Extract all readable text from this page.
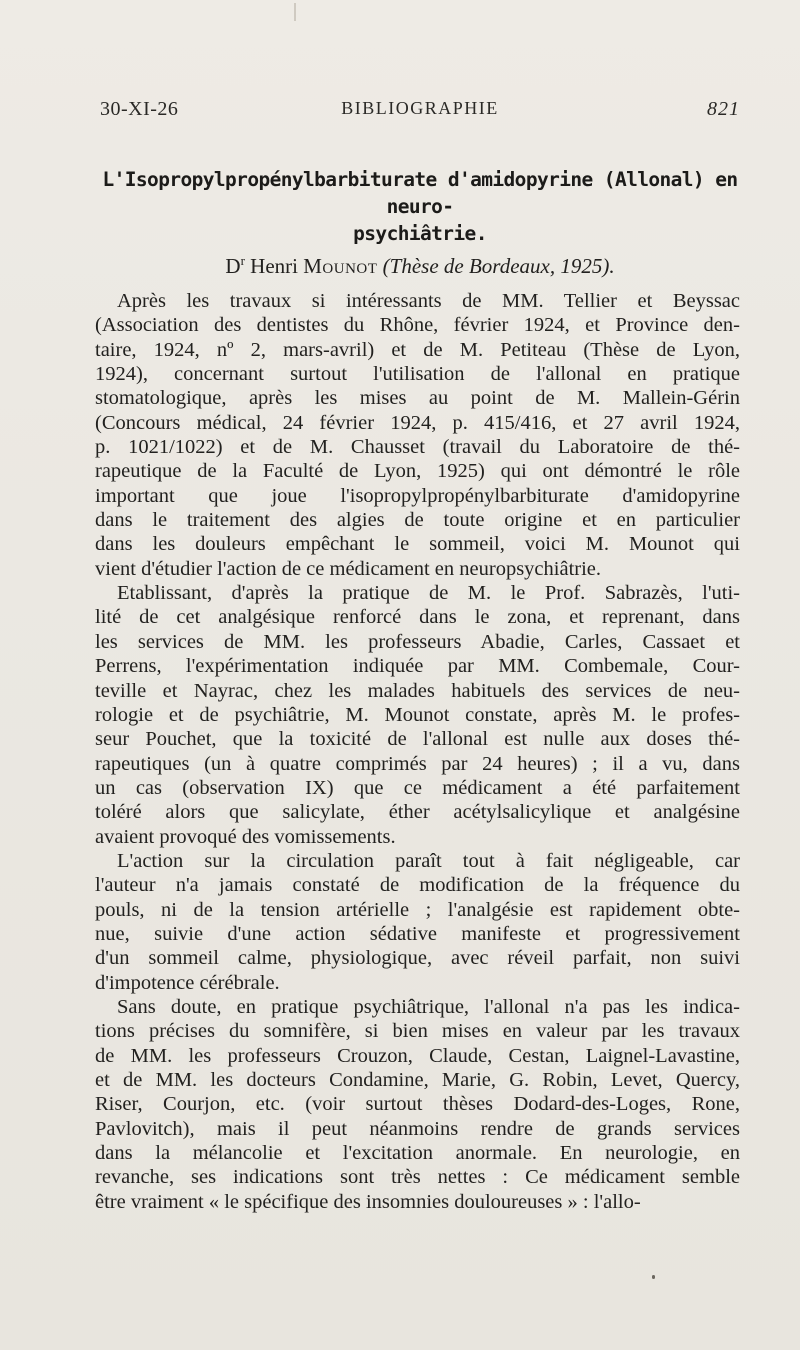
30-XI-26	BIBLIOGRAPHIE	821
L'Isopropylpropénylbarbiturate d'amidopyrine (Allonal) en neuro-
psychiâtrie.
$D^r$ Henri Mounot (Thèse de Bordeaux, 1925).
Après les travaux si intéressants de MM. Tellier et Beyssac
(Association des dentistes du Rhône, février 1924, et Province den-
taire, 1924, nº 2, mars-avril) et de M. Petiteau (Thèse de Lyon,
1924), concernant surtout l'utilisation de l'allonal en pratique
stomatologique, après les mises au point de M. Mallein-Gérin
(Concours médical, 24 février 1924, p. 415/416, et 27 avril 1924,
p. 1021/1022) et de M. Chausset (travail du Laboratoire de thé-
rapeutique de la Faculté de Lyon, 1925) qui ont démontré le rôle
important que joue l'isopropylpropénylbarbiturate d'amidopyrine
dans le traitement des algies de toute origine et en particulier
dans les douleurs empêchant le sommeil, voici M. Mounot qui
vient d'étudier l'action de ce médicament en neuropsychiâtrie.
Etablissant, d'après la pratique de M. le Prof. Sabrazès, l'uti-
lité de cet analgésique renforcé dans le zona, et reprenant, dans
les services de MM. les professeurs Abadie, Carles, Cassaet et
Perrens, l'expérimentation indiquée par MM. Combemale, Cour-
teville et Nayrac, chez les malades habituels des services de neu-
rologie et de psychiâtrie, M. Mounot constate, après M. le profes-
seur Pouchet, que la toxicité de l'allonal est nulle aux doses thé-
rapeutiques (un à quatre comprimés par 24 heures) ; il a vu, dans
un cas (observation IX) que ce médicament a été parfaitement
toléré alors que salicylate, éther acétylsalicylique et analgésine
avaient provoqué des vomissements.
L'action sur la circulation paraît tout à fait négligeable, car
l'auteur n'a jamais constaté de modification de la fréquence du
pouls, ni de la tension artérielle ; l'analgésie est rapidement obte-
nue, suivie d'une action sédative manifeste et progressivement
d'un sommeil calme, physiologique, avec réveil parfait, non suivi
d'impotence cérébrale.
Sans doute, en pratique psychiâtrique, l'allonal n'a pas les indica-
tions précises du somnifère, si bien mises en valeur par les travaux
de MM. les professeurs Crouzon, Claude, Cestan, Laignel-Lavastine,
et de MM. les docteurs Condamine, Marie, G. Robin, Levet, Quercy,
Riser, Courjon, etc. (voir surtout thèses Dodard-des-Loges, Rone,
Pavlovitch), mais il peut néanmoins rendre de grands services
dans la mélancolie et l'excitation anormale. En neurologie, en
revanche, ses indications sont très nettes : Ce médicament semble
être vraiment « le spécifique des insomnies douloureuses » : l'allo-
